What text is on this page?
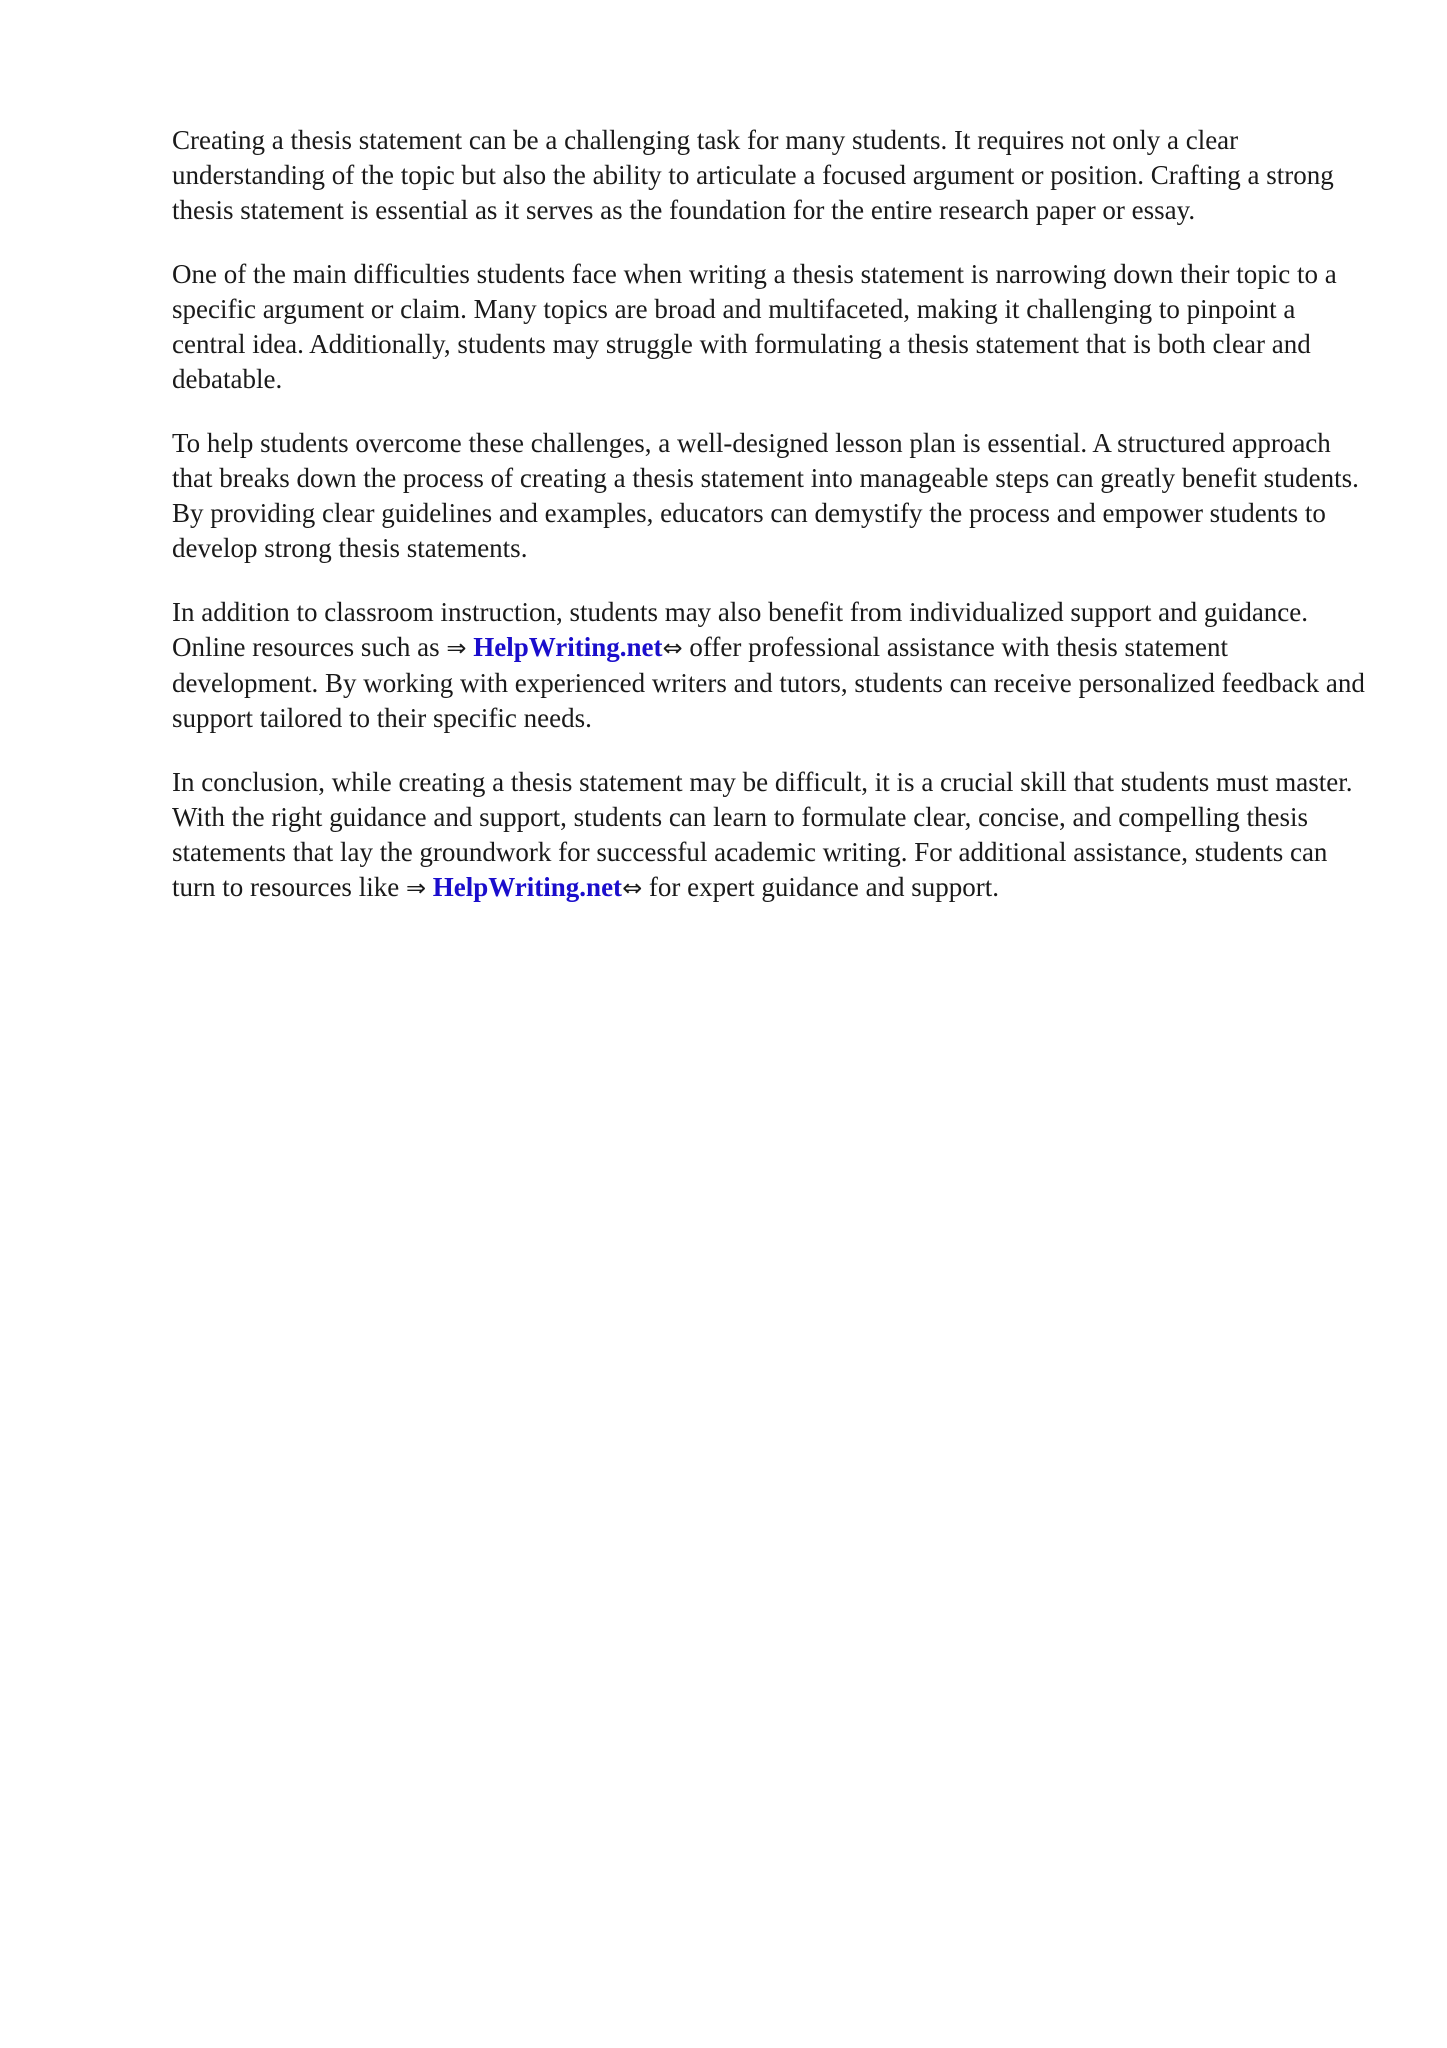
Creating a thesis statement can be a challenging task for many students. It requires not only a clear understanding of the topic but also the ability to articulate a focused argument or position. Crafting a strong thesis statement is essential as it serves as the foundation for the entire research paper or essay.

One of the main difficulties students face when writing a thesis statement is narrowing down their topic to a specific argument or claim. Many topics are broad and multifaceted, making it challenging to pinpoint a central idea. Additionally, students may struggle with formulating a thesis statement that is both clear and debatable.

To help students overcome these challenges, a well-designed lesson plan is essential. A structured approach that breaks down the process of creating a thesis statement into manageable steps can greatly benefit students. By providing clear guidelines and examples, educators can demystify the process and empower students to develop strong thesis statements.

In addition to classroom instruction, students may also benefit from individualized support and guidance. Online resources such as ⇒ HelpWriting.net⇔ offer professional assistance with thesis statement development. By working with experienced writers and tutors, students can receive personalized feedback and support tailored to their specific needs.

In conclusion, while creating a thesis statement may be difficult, it is a crucial skill that students must master. With the right guidance and support, students can learn to formulate clear, concise, and compelling thesis statements that lay the groundwork for successful academic writing. For additional assistance, students can turn to resources like ⇒ HelpWriting.net⇔ for expert guidance and support.
